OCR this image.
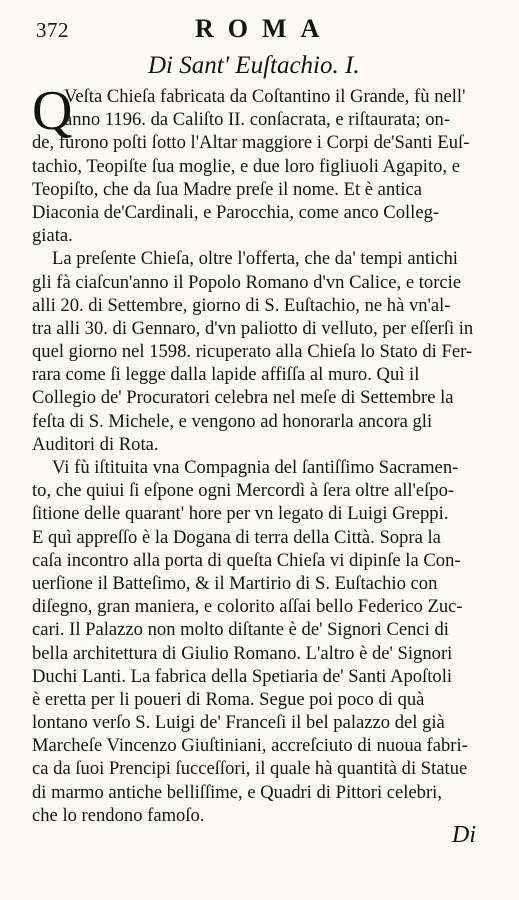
372	ROMA
Di Sant' Euſtachio. I.
Q
Veſta Chieſa fabricata da Coſtantino il Grande, fù nell'
anno 1196. da Caliſto II. conſacrata, e riſtaurata; on-
de, furono poſti ſotto l'Altar maggiore i Corpi de'Santi Euſ-
tachio, Teopiſte ſua moglie, e due loro figliuoli Agapito, e
Teopiſto, che da ſua Madre preſe il nome. Et è antica
Diaconia de'Cardinali, e Parocchia, come anco Colleg-
giata.
La preſente Chieſa, oltre l'offerta, che da' tempi antichi
gli fà ciaſcun'anno il Popolo Romano d'vn Calice, e torcie
alli 20. di Settembre, giorno di S. Euſtachio, ne hà vn'al-
tra alli 30. di Gennaro, d'vn paliotto di velluto, per eſſerſi in
quel giorno nel 1598. ricuperato alla Chieſa lo Stato di Fer-
rara come ſi legge dalla lapide affiſſa al muro. Quì il
Collegio de' Procuratori celebra nel meſe di Settembre la
feſta di S. Michele, e vengono ad honorarla ancora gli
Auditori di Rota.
Vi fù iſtituita vna Compagnia del ſantiſſimo Sacramen-
to, che quiui ſi eſpone ogni Mercordì à ſera oltre all'eſpo-
ſitione delle quarant' hore per vn legato di Luigi Greppi.
E quì appreſſo è la Dogana di terra della Città. Sopra la
caſa incontro alla porta di queſta Chieſa vi dipinſe la Con-
uerſione il Batteſimo, & il Martirio di S. Euſtachio con
diſegno, gran maniera, e colorito aſſai bello Federico Zuc-
cari. Il Palazzo non molto diſtante è de' Signori Cenci di
bella architettura di Giulio Romano. L'altro è de' Signori
Duchi Lanti. La fabrica della Spetiaria de' Santi Apoſtoli
è eretta per li poueri di Roma. Segue poi poco di quà
lontano verſo S. Luigi de' Franceſi il bel palazzo del già
Marcheſe Vincenzo Giuſtiniani, accreſciuto di nuoua fabri-
ca da ſuoi Prencipi ſucceſſori, il quale hà quantità di Statue
di marmo antiche belliſſime, e Quadri di Pittori celebri,
che lo rendono famoſo.
Di
